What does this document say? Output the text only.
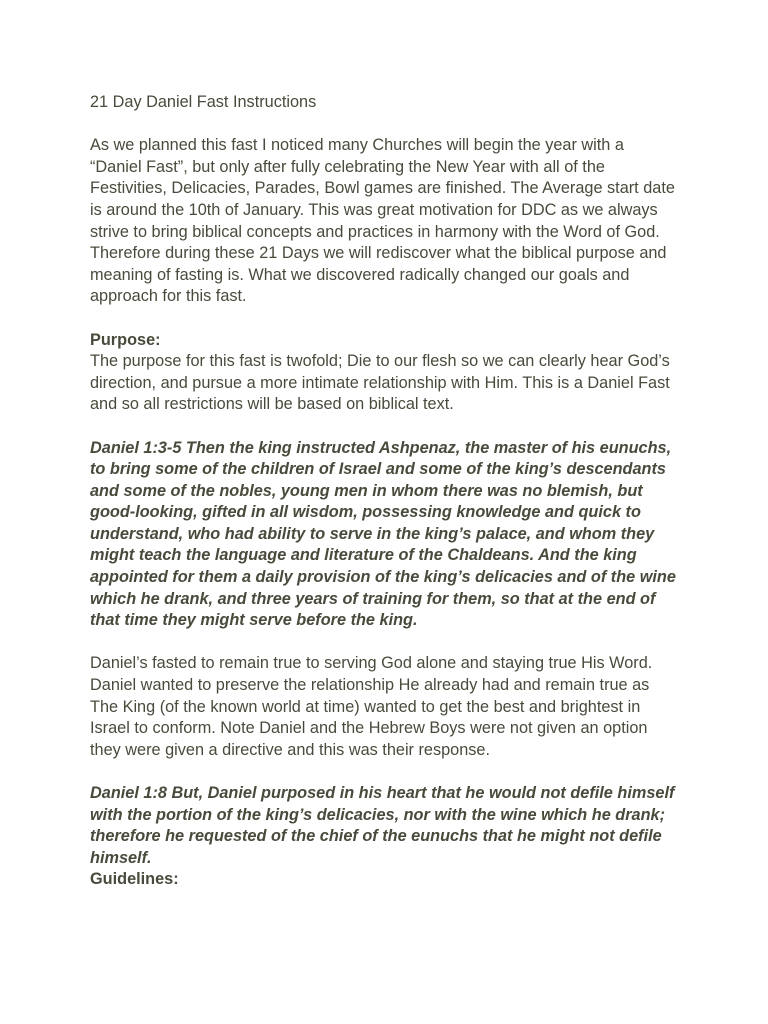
21 Day Daniel Fast Instructions

As we planned this fast I noticed many Churches will begin the year with a “Daniel Fast”, but only after fully celebrating the New Year with all of the Festivities, Delicacies, Parades, Bowl games are finished. The Average start date is around the 10th of January. This was great motivation for DDC as we always strive to bring biblical concepts and practices in harmony with the Word of God. Therefore during these 21 Days we will rediscover what the biblical purpose and meaning of fasting is. What we discovered radically changed our goals and approach for this fast.

Purpose:

The purpose for this fast is twofold; Die to our flesh so we can clearly hear God’s direction, and pursue a more intimate relationship with Him. This is a Daniel Fast and so all restrictions will be based on biblical text.

Daniel 1:3-5 Then the king instructed Ashpenaz, the master of his eunuchs, to bring some of the children of Israel and some of the king’s descendants and some of the nobles, young men in whom there was no blemish, but good-looking, gifted in all wisdom, possessing knowledge and quick to understand, who had ability to serve in the king’s palace, and whom they might teach the language and literature of the Chaldeans. And the king appointed for them a daily provision of the king’s delicacies and of the wine which he drank, and three years of training for them, so that at the end of that time they might serve before the king.

Daniel’s fasted to remain true to serving God alone and staying true His Word. Daniel wanted to preserve the relationship He already had and remain true as The King (of the known world at time) wanted to get the best and brightest in Israel to conform. Note Daniel and the Hebrew Boys were not given an option they were given a directive and this was their response.

Daniel 1:8 But, Daniel purposed in his heart that he would not defile himself with the portion of the king’s delicacies, nor with the wine which he drank; therefore he requested of the chief of the eunuchs that he might not defile himself.

Guidelines:
